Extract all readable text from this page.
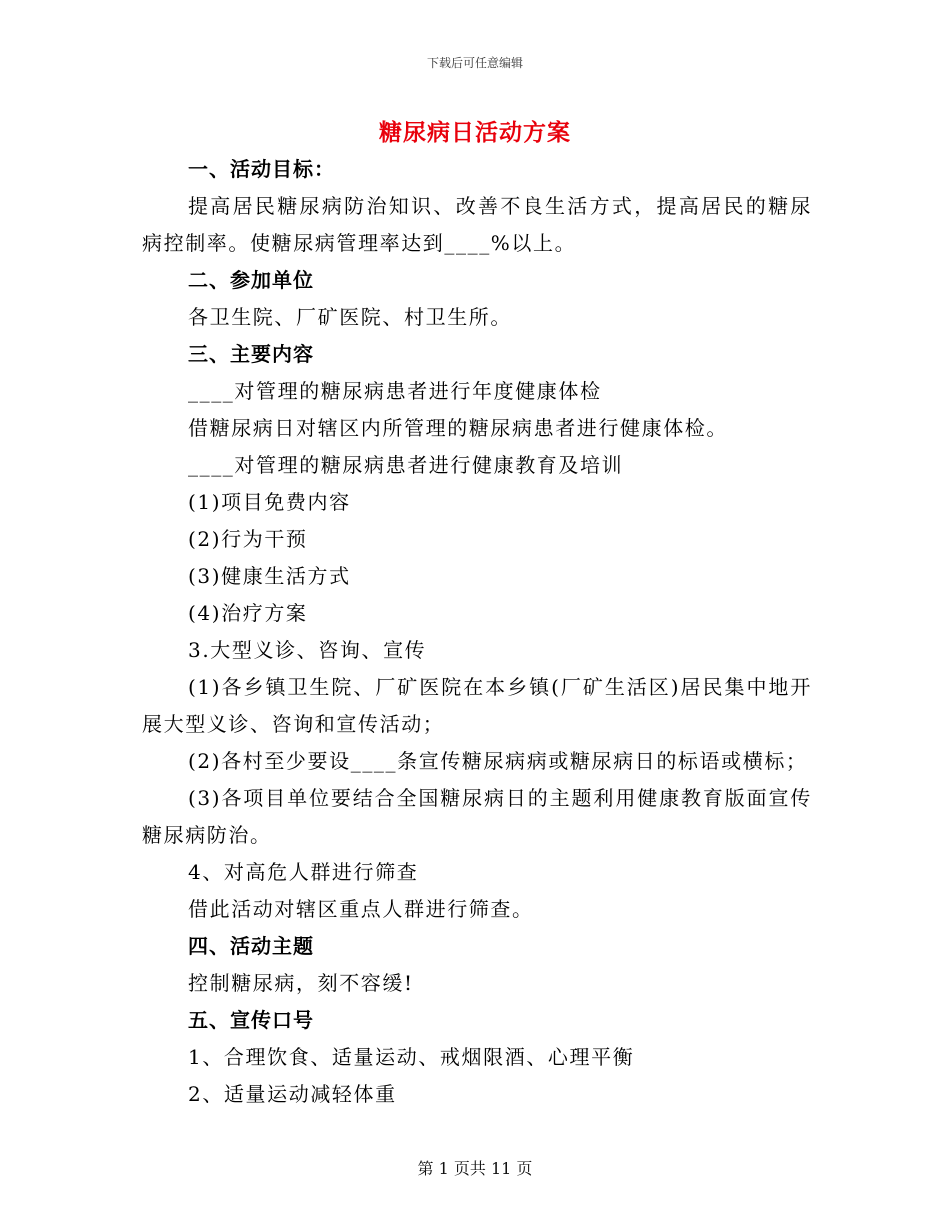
下载后可任意编辑
糖尿病日活动方案
一、活动目标：
提高居民糖尿病防治知识、改善不良生活方式，提高居民的糖尿病控制率。使糖尿病管理率达到____%以上。
二、参加单位
各卫生院、厂矿医院、村卫生所。
三、主要内容
____对管理的糖尿病患者进行年度健康体检
借糖尿病日对辖区内所管理的糖尿病患者进行健康体检。
____对管理的糖尿病患者进行健康教育及培训
(1)项目免费内容
(2)行为干预
(3)健康生活方式
(4)治疗方案
3.大型义诊、咨询、宣传
(1)各乡镇卫生院、厂矿医院在本乡镇(厂矿生活区)居民集中地开展大型义诊、咨询和宣传活动；
(2)各村至少要设____条宣传糖尿病病或糖尿病日的标语或横标；
(3)各项目单位要结合全国糖尿病日的主题利用健康教育版面宣传糖尿病防治。
4、对高危人群进行筛查
借此活动对辖区重点人群进行筛查。
四、活动主题
控制糖尿病，刻不容缓!
五、宣传口号
1、合理饮食、适量运动、戒烟限酒、心理平衡
2、适量运动减轻体重
第 1 页共 11 页
